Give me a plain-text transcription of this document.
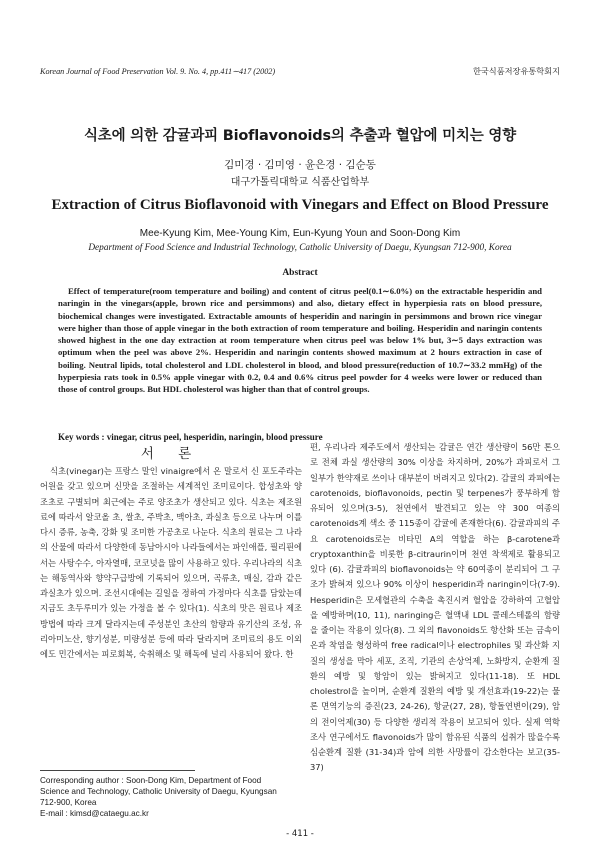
Korean Journal of Food Preservation Vol. 9. No. 4, pp.411∼417 (2002)	한국식품저장유통학회지
식초에 의한 감귤과피 Bioflavonoids의 추출과 혈압에 미치는 영향
김미경 · 김미영 · 윤은경 · 김순동
대구가톨릭대학교 식품산업학부
Extraction of Citrus Bioflavonoid with Vinegars and Effect on Blood Pressure
Mee-Kyung Kim, Mee-Young Kim, Eun-Kyung Youn and Soon-Dong Kim
Department of Food Science and Industrial Technology, Catholic University of Daegu, Kyungsan 712-900, Korea
Abstract
Effect of temperature(room temperature and boiling) and content of citrus peel(0.1∼6.0%) on the extractable hesperidin and naringin in the vinegars(apple, brown rice and persimmons) and also, dietary effect in hyperpiesia rats on blood pressure, biochemical changes were investigated. Extractable amounts of hesperidin and naringin in persimmons and brown rice vinegar were higher than those of apple vinegar in the both extraction of room temperature and boiling. Hesperidin and naringin contents showed highest in the one day extraction at room temperature when citrus peel was below 1% but, 3∼5 days extraction was optimum when the peel was above 2%. Hesperidin and naringin contents showed maximum at 2 hours extraction in case of boiling. Neutral lipids, total cholesterol and LDL cholesterol in blood, and blood pressure(reduction of 10.7∼33.2 mmHg) of the hyperpiesia rats took in 0.5% apple vinegar with 0.2, 0.4 and 0.6% citrus peel powder for 4 weeks were lower or reduced than those of control groups. But HDL cholesterol was higher than that of control groups.
Key words : vinegar, citrus peel, hesperidin, naringin, blood pressure
서 론
식초(vinegar)는 프랑스 말인 vinaigre에서 온 말로서 신 포도주라는 어원을 갖고 있으며 신맛을 조절하는 세계적인 조미료이다. 합성초와 양조초로 구별되며 최근에는 주로 양조초가 생산되고 있다. 식초는 제조원료에 따라서 알코올 초, 쌀초, 주박초, 맥아초, 과실초 등으로 나누며 이를 다시 증류, 농축, 강화 및 조미한 가공초로 나눈다. 식초의 원료는 그 나라의 산물에 따라서 다양한데 동남아시아 나라들에서는 파인애플, 필리핀에서는 사탕수수, 아자열매, 코코넛을 많이 사용하고 있다. 우리나라의 식초는 해동역사와 향약구급방에 기록되어 있으며, 곡류초, 매실, 감과 같은 과실초가 있으며. 조선시대에는 길일을 정하여 가정마다 식초를 담았는데 지금도 초두루미가 있는 가정을 볼 수 있다(1). 식초의 맛은 원료나 제조방법에 따라 크게 달라지는데 주성분인 초산의 함량과 유기산의 조성, 유리아미노산, 향기성분, 미량성분 등에 따라 달라지며 조미료의 용도 이외에도 민간에서는 피로회복, 숙취해소 및 해독에 널리 사용되어 왔다. 한
편, 우리나라 제주도에서 생산되는 감귤은 연간 생산량이 56만 톤으로 전체 과실 생산량의 30% 이상을 차지하며, 20%가 과피로서 그 일부가 한약재로 쓰이나 대부분이 버려지고 있다(2). 감귤의 과피에는 carotenoids, bioflavonoids, pectin 및 terpenes가 풍부하게 함유되어 있으며(3-5), 천연에서 발견되고 있는 약 300 여종의 carotenoids계 색소 중 115종이 감귤에 존재한다(6). 감귤과피의 주요 carotenoids로는 비타민 A의 역할을 하는 β-carotene과 cryptoxanthin을 비롯한 β-citraurin이며 천연 착색제로 활용되고 있다 (6). 감귤과피의 bioflavonoids는 약 60여종이 분리되어 그 구조가 밝혀져 있으나 90% 이상이 hesperidin과 naringin이다(7-9). Hesperidin은 모세혈관의 수축을 촉진시켜 혈압을 강하하여 고혈압을 예방하며(10, 11), naringing은 혈액내 LDL 콜레스테롤의 함량을 줄이는 작용이 있다(8). 그 외의 flavonoids도 항산화 또는 금속이온과 착염을 형성하여 free radical이나 electrophiles 및 과산화 지질의 생성을 막아 세포, 조직, 기관의 손상억제, 노화방지, 순환계 질환의 예방 및 항암이 있는 밝혀지고 있다(11-18). 또 HDL cholestrol을 높이며, 순환계 질환의 예방 및 개선효과(19-22)는 물론 면역기능의 증진(23, 24-26), 항균(27, 28), 항돌연변이(29), 암의 전이억제(30) 등 다양한 생리적 작용이 보고되어 있다. 실제 역학조사 연구에서도 flavonoids가 많이 함유된 식품의 섭취가 많을수록 심순환계 질환 (31-34)과 암에 의한 사망률이 감소한다는 보고(35-37)
Corresponding author : Soon-Dong Kim, Department of Food
Science and Technology, Catholic University of Daegu, Kyungsan
712-900, Korea
E-mail : kimsd@cataegu.ac.kr
- 411 -
